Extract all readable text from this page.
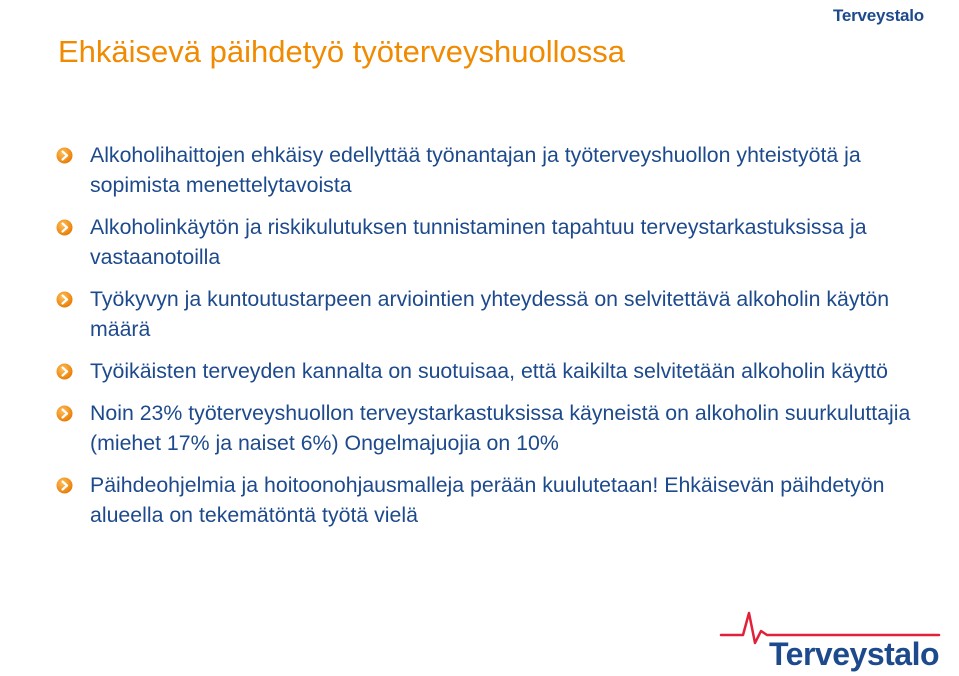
Terveystalo
Ehkäisevä päihdetyö työterveyshuollossa
Alkoholihaittojen ehkäisy edellyttää työnantajan ja työterveyshuollon yhteistyötä ja sopimista menettelytavoista
Alkoholinkäytön ja riskikulutuksen tunnistaminen tapahtuu terveystarkastuksissa ja vastaanotoilla
Työkyvyn ja kuntoutustarpeen arviointien yhteydessä on selvitettävä alkoholin käytön määrä
Työikäisten terveyden kannalta on suotuisaa, että kaikilta selvitetään alkoholin käyttö
Noin 23% työterveyshuollon terveystarkastuksissa käyneistä on alkoholin suurkuluttajia (miehet 17% ja naiset 6%) Ongelmajuojia on 10%
Päihdeohjelmia ja hoitoonohjausmalleja perään kuulutetaan! Ehkäisevän päihdetyön alueella on tekemätöntä työtä vielä
Terveystalo
